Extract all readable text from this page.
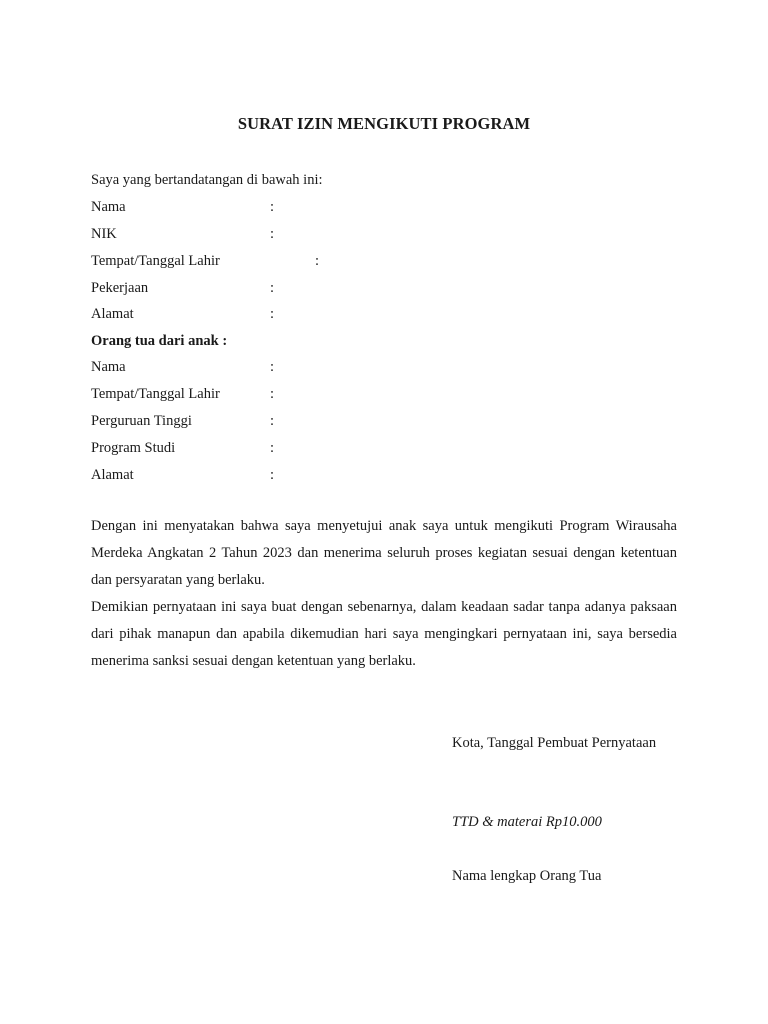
SURAT IZIN MENGIKUTI PROGRAM
Saya yang bertandatangan di bawah ini:
Nama	:
NIK	:
Tempat/Tanggal Lahir	:
Pekerjaan	:
Alamat	:
Orang tua dari anak :
Nama	:
Tempat/Tanggal Lahir	:
Perguruan Tinggi	:
Program Studi	:
Alamat	:

Dengan ini menyatakan bahwa saya menyetujui anak saya untuk mengikuti Program Wirausaha Merdeka Angkatan 2 Tahun 2023 dan menerima seluruh proses kegiatan sesuai dengan ketentuan dan persyaratan yang berlaku.

Demikian pernyataan ini saya buat dengan sebenarnya, dalam keadaan sadar tanpa adanya paksaan dari pihak manapun dan apabila dikemudian hari saya mengingkari pernyataan ini, saya bersedia menerima sanksi sesuai dengan ketentuan yang berlaku.

Kota, Tanggal Pembuat Pernyataan
TTD & materai Rp10.000
Nama lengkap Orang Tua
